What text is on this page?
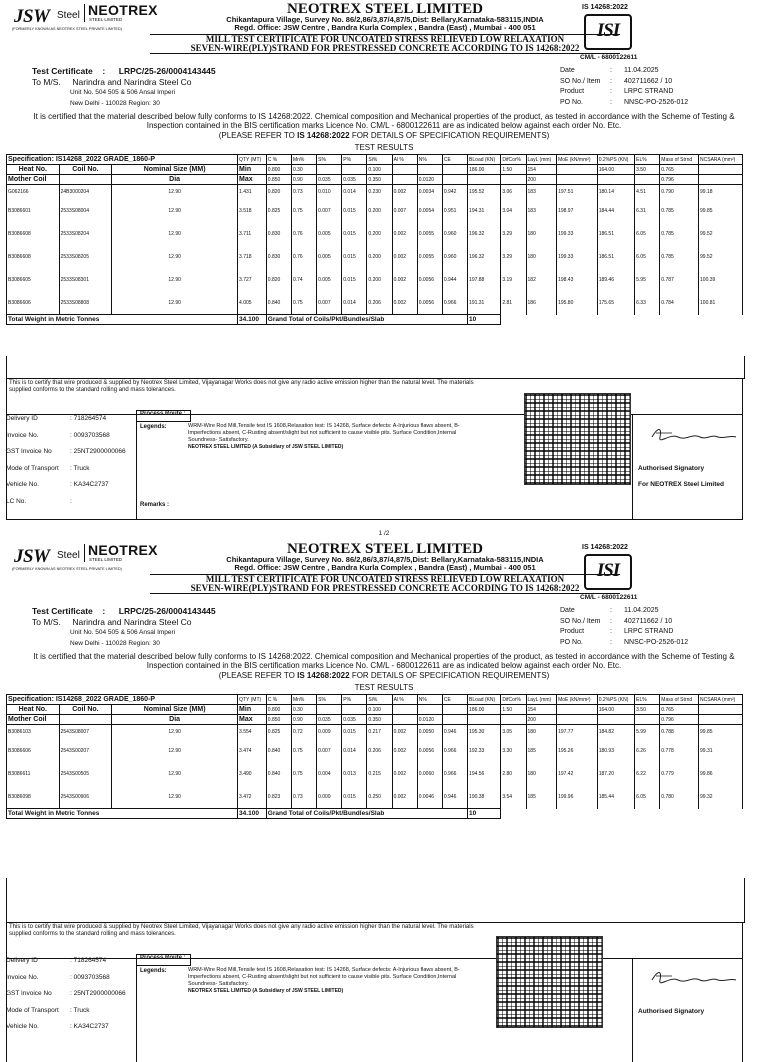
JSW Steel NEOTREX
STEEL LIMITED
(FORMERLY KNOWN AS NEOTREX STEEL PRIVATE LIMITED)
NEOTREX STEEL LIMITED
Chikantapura Village, Survey No. 86/2,86/3,87/4,87/5,Dist: Bellary,Karnataka-583115,INDIA
Regd. Office: JSW Centre , Bandra Kurla Complex , Bandra (East) , Mumbai - 400 051
MILL TEST CERTIFICATE FOR UNCOATED STRESS RELIEVED LOW RELAXATION
SEVEN-WIRE(PLY)STRAND FOR PRESTRESSED CONCRETE ACCORDING TO IS 14268:2022
IS 14268:2022
ISI
CM/L - 6800122611
Test Certificate : LRPC/25-26/0004143445
To M/S. Narindra and Narindra Steel Co
Unit No. 504 505 & 506 Ansal Imperi
New Delhi - 110028 Region: 30
Date	: 11.04.2025
SO No./ Item : 402711662 / 10
Product	: LRPC STRAND
PO No.	: NNSC-PO-2526-012
It is certified that the material described below fully conforms to IS 14268:2022. Chemical composition and Mechanical properties of the product, as tested in accordance with the Scheme of Testing & Inspection contained in the BIS certification marks Licence No. CM/L - 6800122611 are as indicated below against each order No. Etc.
(PLEASE REFER TO IS 14268:2022 FOR DETAILS OF SPECIFICATION REQUIREMENTS)
TEST RESULTS
Specification: IS14268_2022 GRADE_1860-P			QTY (MT)	C %	Mn%	S%	P%	Si%	Al %	N%	CE	BLoad (KN)	DifCor%	LayL (mm)	MoE (kN/mm²)	0.2%PS (KN)	EL%	Mass of Strnd	NCSARA (mm²)
Heat No.	Coil No.	Nominal Size (MM)	Min	0.800	0.30			0.100				186.00	1.50	154		164.00	3.50	0.765	
Mother Coil		Dia	Max	0.850	0.90	0.035	0.035	0.350		0.0120				200				0.796	
G062166	24B3000204	12.90	1.431	0.820	0.73	0.010	0.014	0.230	0.002	0.0034	0.942	195.52	3.06	183	197.51	180.14	4.51	0.790	99.18
B3086601	2533S08004	12.90	3.518	0.825	0.75	0.007	0.015	0.200	0.007	0.0054	0.951	194.31	3.04	183	198.97	184.44	6.31	0.785	99.85
B3086608	2533S08204	12.90	3.711	0.830	0.76	0.005	0.015	0.200	0.002	0.0055	0.960	196.32	3.29	180	199.33	186.51	6.05	0.785	99.52
B3086608	2533S08205	12.90	3.718	0.830	0.76	0.005	0.015	0.200	0.002	0.0055	0.960	196.32	3.29	180	199.33	186.51	6.05	0.785	99.52
B3086605	2533S08301	12.90	3.727	0.820	0.74	0.005	0.015	0.200	0.002	0.0056	0.944	197.88	3.19	182	198.43	189.46	5.95	0.787	100.39
B3086606	2533S08808	12.90	4.005	0.840	0.75	0.007	0.014	0.206	0.002	0.0056	0.966	191.31	2.81	186	195.80	175.65	6.33	0.784	100.81
Total Weight in Metric Tonnes			34.100	Grand Total of Coils/Pkt/Bundles/Slab								10							
This is to certify that wire produced & supplied by Neotrex Steel Limited, Vijayanagar Works does not give any radio active emission higher than the natural level. The materials supplied conforms to the standard rolling and mass tolerances.
Delivery ID	: 718264574
Invoice No.	: 0093703568
GST Invoice No	: 25NT2900000066
Mode of Transport : Truck
Vehicle No.	: KA34C2737
LC No.	:
Process Route :
Legends:	WRM-Wire Rod Mill,Tensile test IS 1608,Relaxation test: IS 14268, Surface defects: A-Injurious flaws absent, B-Imperfections absent, C-Rusting absent/slight but not sufficient to cause visible pits. Surface Condition,Internal Soundness- Satisfactory.
NEOTREX STEEL LIMITED (A Subsidiary of JSW STEEL LIMITED)
Remarks :
Authorised Signatory
For NEOTREX Steel Limited
1 /2
JSW Steel NEOTREX
STEEL LIMITED
(FORMERLY KNOWN AS NEOTREX STEEL PRIVATE LIMITED)
NEOTREX STEEL LIMITED
Chikantapura Village, Survey No. 86/2,86/3,87/4,87/5,Dist: Bellary,Karnataka-583115,INDIA
Regd. Office: JSW Centre , Bandra Kurla Complex , Bandra (East) , Mumbai - 400 051
MILL TEST CERTIFICATE FOR UNCOATED STRESS RELIEVED LOW RELAXATION
SEVEN-WIRE(PLY)STRAND FOR PRESTRESSED CONCRETE ACCORDING TO IS 14268:2022
IS 14268:2022
ISI
CM/L - 6800122611
Test Certificate : LRPC/25-26/0004143445
To M/S. Narindra and Narindra Steel Co
Unit No. 504 505 & 506 Ansal Imperi
New Delhi - 110028 Region: 30
Date	: 11.04.2025
SO No./ Item : 402711662 / 10
Product	: LRPC STRAND
PO No.	: NNSC-PO-2526-012
It is certified that the material described below fully conforms to IS 14268:2022. Chemical composition and Mechanical properties of the product, as tested in accordance with the Scheme of Testing & Inspection contained in the BIS certification marks Licence No. CM/L - 6800122611 are as indicated below against each order No. Etc.
(PLEASE REFER TO IS 14268:2022 FOR DETAILS OF SPECIFICATION REQUIREMENTS)
TEST RESULTS
Specification: IS14268_2022 GRADE_1860-P			QTY (MT)	C %	Mn%	S%	P%	Si%	Al %	N%	CE	BLoad (KN)	DifCor%	LayL (mm)	MoE (kN/mm²)	0.2%PS (KN)	EL%	Mass of Strnd	NCSARA (mm²)
Heat No.	Coil No.	Nominal Size (MM)	Min	0.800	0.30			0.100				186.00	1.50	154		164.00	3.50	0.765	
Mother Coil		Dia	Max	0.850	0.90	0.035	0.035	0.350		0.0120				200				0.796	
B3086103	2543S08007	12.90	3.554	0.825	0.72	0.009	0.015	0.217	0.002	0.0050	0.946	195.30	3.05	180	197.77	184.82	5.99	0.788	99.85
B3086606	2543S00207	12.90	3.474	0.840	0.75	0.007	0.014	0.206	0.002	0.0056	0.966	192.33	3.30	185	195.26	180.93	6.26	0.778	99.31
B3086611	2543S00505	12.90	3.490	0.840	0.75	0.004	0.013	0.215	0.002	0.0060	0.966	194.56	2.80	180	197.42	187.20	6.22	0.779	99.86
B3086098	2543S00906	12.90	3.472	0.823	0.73	0.009	0.015	0.250	0.002	0.0046	0.946	190.38	3.54	185	199.96	185.44	6.05	0.780	99.32
Total Weight in Metric Tonnes			34.100	Grand Total of Coils/Pkt/Bundles/Slab								10							
This is to certify that wire produced & supplied by Neotrex Steel Limited, Vijayanagar Works does not give any radio active emission higher than the natural level. The materials supplied conforms to the standard rolling and mass tolerances.
Delivery ID	: 718264574
Invoice No.	: 0093703568
GST Invoice No	: 25NT2900000066
Mode of Transport : Truck
Vehicle No.	: KA34C2737
Process Route :
Legends:	WRM-Wire Rod Mill,Tensile test IS 1608,Relaxation test: IS 14268, Surface defects: A-Injurious flaws absent, B-Imperfections absent, C-Rusting absent/slight but not sufficient to cause visible pits. Surface Condition,Internal Soundness- Satisfactory.
NEOTREX STEEL LIMITED (A Subsidiary of JSW STEEL LIMITED)
Authorised Signatory
